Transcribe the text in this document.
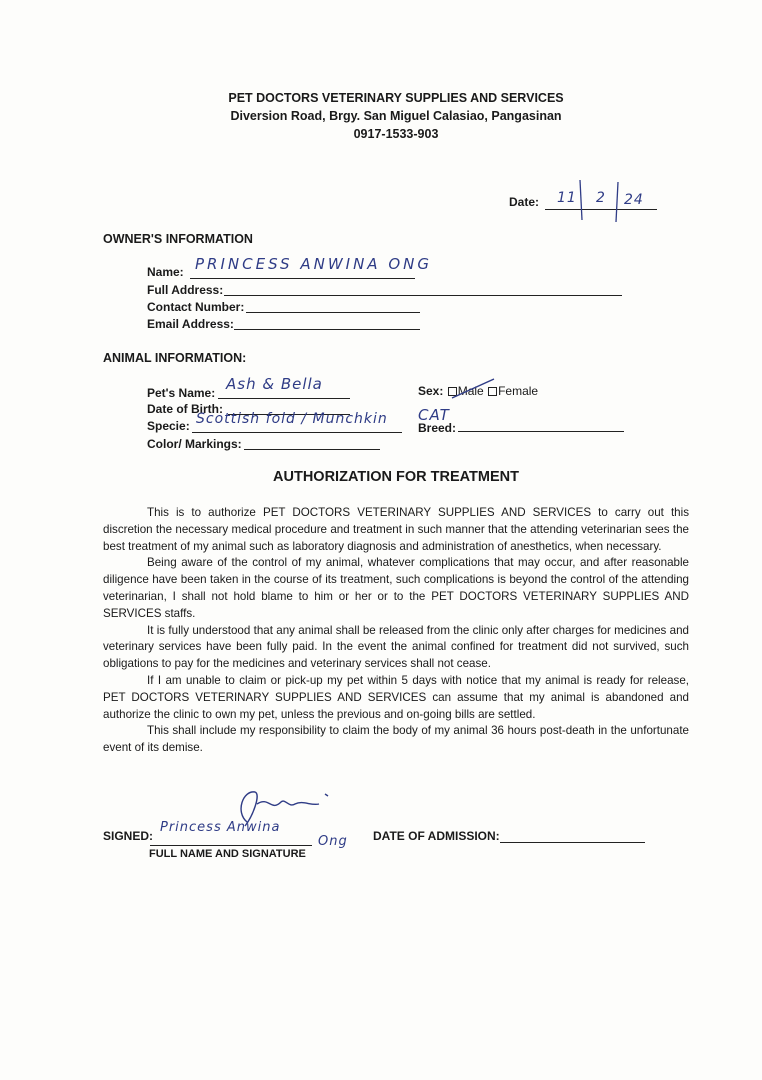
PET DOCTORS VETERINARY SUPPLIES AND SERVICES
Diversion Road, Brgy. San Miguel Calasiao, Pangasinan
0917-1533-903
Date: 11 2 24
OWNER'S INFORMATION
Name: PRINCESS ANWINA ONG
Full Address:
Contact Number:
Email Address:
ANIMAL INFORMATION:
Pet's Name: Ash & Bella	Sex: Male Female
Date of Birth:
Specie: Scottish fold / Munchkin
Breed:
CAT
Color/ Markings:
AUTHORIZATION FOR TREATMENT

This is to authorize PET DOCTORS VETERINARY SUPPLIES AND SERVICES to carry out this discretion the necessary medical procedure and treatment in such manner that the attending veterinarian sees the best treatment of my animal such as laboratory diagnosis and administration of anesthetics, when necessary.

Being aware of the control of my animal, whatever complications that may occur, and after reasonable diligence have been taken in the course of its treatment, such complications is beyond the control of the attending veterinarian, I shall not hold blame to him or her or to the PET DOCTORS VETERINARY SUPPLIES AND SERVICES staffs.

It is fully understood that any animal shall be released from the clinic only after charges for medicines and veterinary services have been fully paid. In the event the animal confined for treatment did not survived, such obligations to pay for the medicines and veterinary services shall not cease.

If I am unable to claim or pick-up my pet within 5 days with notice that my animal is ready for release, PET DOCTORS VETERINARY SUPPLIES AND SERVICES can assume that my animal is abandoned and authorize the clinic to own my pet, unless the previous and on-going bills are settled.

This shall include my responsibility to claim the body of my animal 36 hours post-death in the unfortunate event of its demise.

SIGNED:
FULL NAME AND SIGNATURE
Princess Anwina
Ong DATE OF ADMISSION:
